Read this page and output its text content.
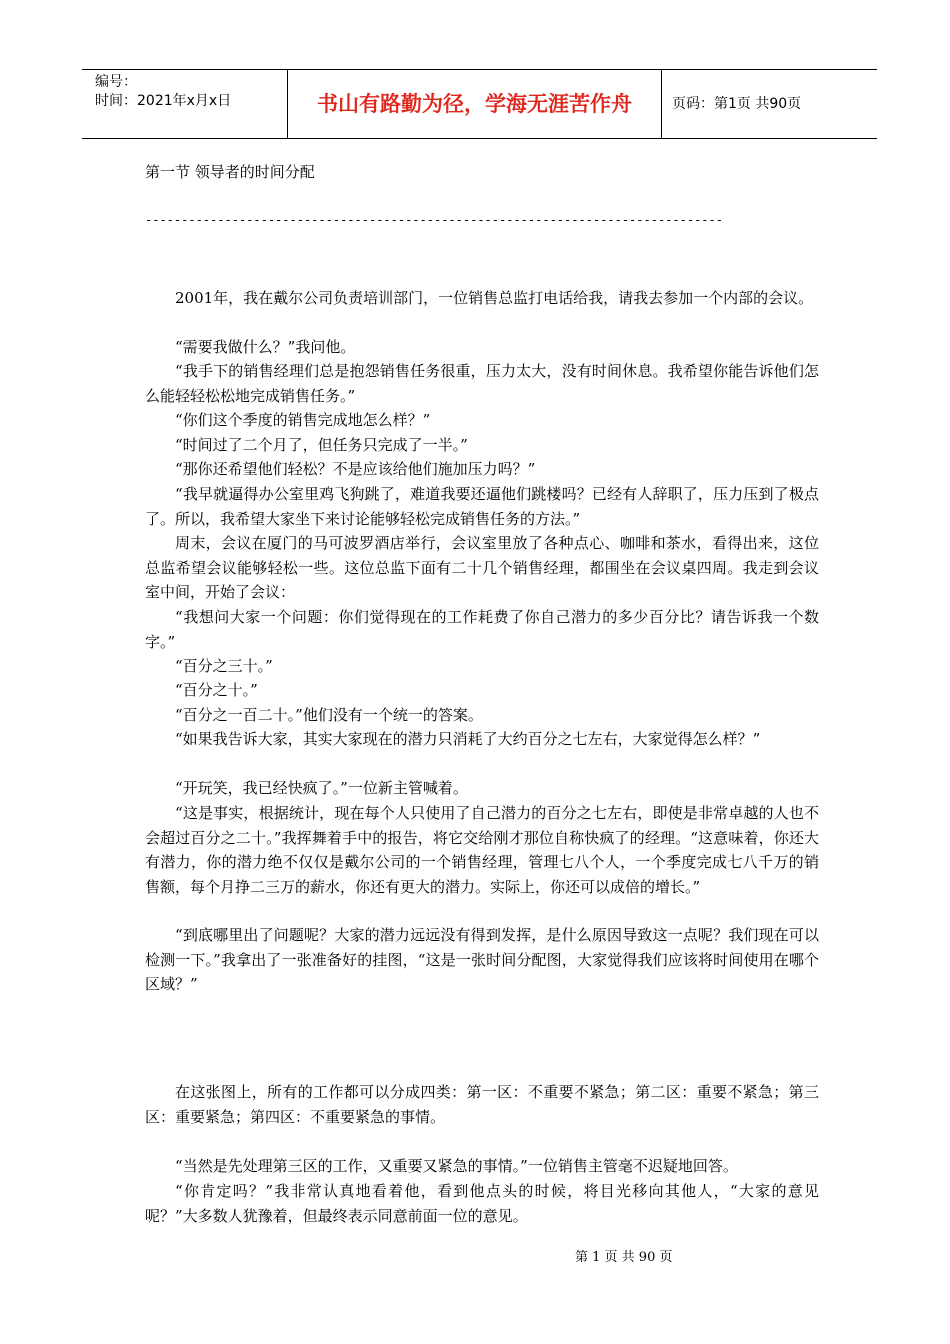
编号：
时间：2021年x月x日	书山有路勤为径，学海无涯苦作舟	页码：第1页 共90页
第一节 领导者的时间分配
--------------------------------------------------------------------------------
2001年，我在戴尔公司负责培训部门，一位销售总监打电话给我，请我去参加一个内部的会议。
“需要我做什么？”我问他。
“我手下的销售经理们总是抱怨销售任务很重，压力太大，没有时间休息。我希望你能告诉他们怎么能轻轻松松地完成销售任务。”
“你们这个季度的销售完成地怎么样？”
“时间过了二个月了，但任务只完成了一半。”
“那你还希望他们轻松？不是应该给他们施加压力吗？”
“我早就逼得办公室里鸡飞狗跳了，难道我要还逼他们跳楼吗？已经有人辞职了，压力压到了极点了。所以，我希望大家坐下来讨论能够轻松完成销售任务的方法。”
周末，会议在厦门的马可波罗酒店举行，会议室里放了各种点心、咖啡和茶水，看得出来，这位总监希望会议能够轻松一些。这位总监下面有二十几个销售经理，都围坐在会议桌四周。我走到会议室中间，开始了会议：
“我想问大家一个问题：你们觉得现在的工作耗费了你自己潜力的多少百分比？请告诉我一个数字。”
“百分之三十。”
“百分之十。”
“百分之一百二十。”他们没有一个统一的答案。
“如果我告诉大家，其实大家现在的潜力只消耗了大约百分之七左右，大家觉得怎么样？”
“开玩笑，我已经快疯了。”一位新主管喊着。
“这是事实，根据统计，现在每个人只使用了自己潜力的百分之七左右，即使是非常卓越的人也不会超过百分之二十。”我挥舞着手中的报告，将它交给刚才那位自称快疯了的经理。“这意味着，你还大有潜力，你的潜力绝不仅仅是戴尔公司的一个销售经理，管理七八个人，一个季度完成七八千万的销售额，每个月挣二三万的薪水，你还有更大的潜力。实际上，你还可以成倍的增长。”
“到底哪里出了问题呢？大家的潜力远远没有得到发挥，是什么原因导致这一点呢？我们现在可以检测一下。”我拿出了一张准备好的挂图，“这是一张时间分配图，大家觉得我们应该将时间使用在哪个区域？”
在这张图上，所有的工作都可以分成四类：第一区：不重要不紧急；第二区：重要不紧急；第三区：重要紧急；第四区：不重要紧急的事情。
“当然是先处理第三区的工作，又重要又紧急的事情。”一位销售主管毫不迟疑地回答。
“你肯定吗？”我非常认真地看着他，看到他点头的时候，将目光移向其他人，“大家的意见呢？”大多数人犹豫着，但最终表示同意前面一位的意见。
第 1 页 共 90 页
